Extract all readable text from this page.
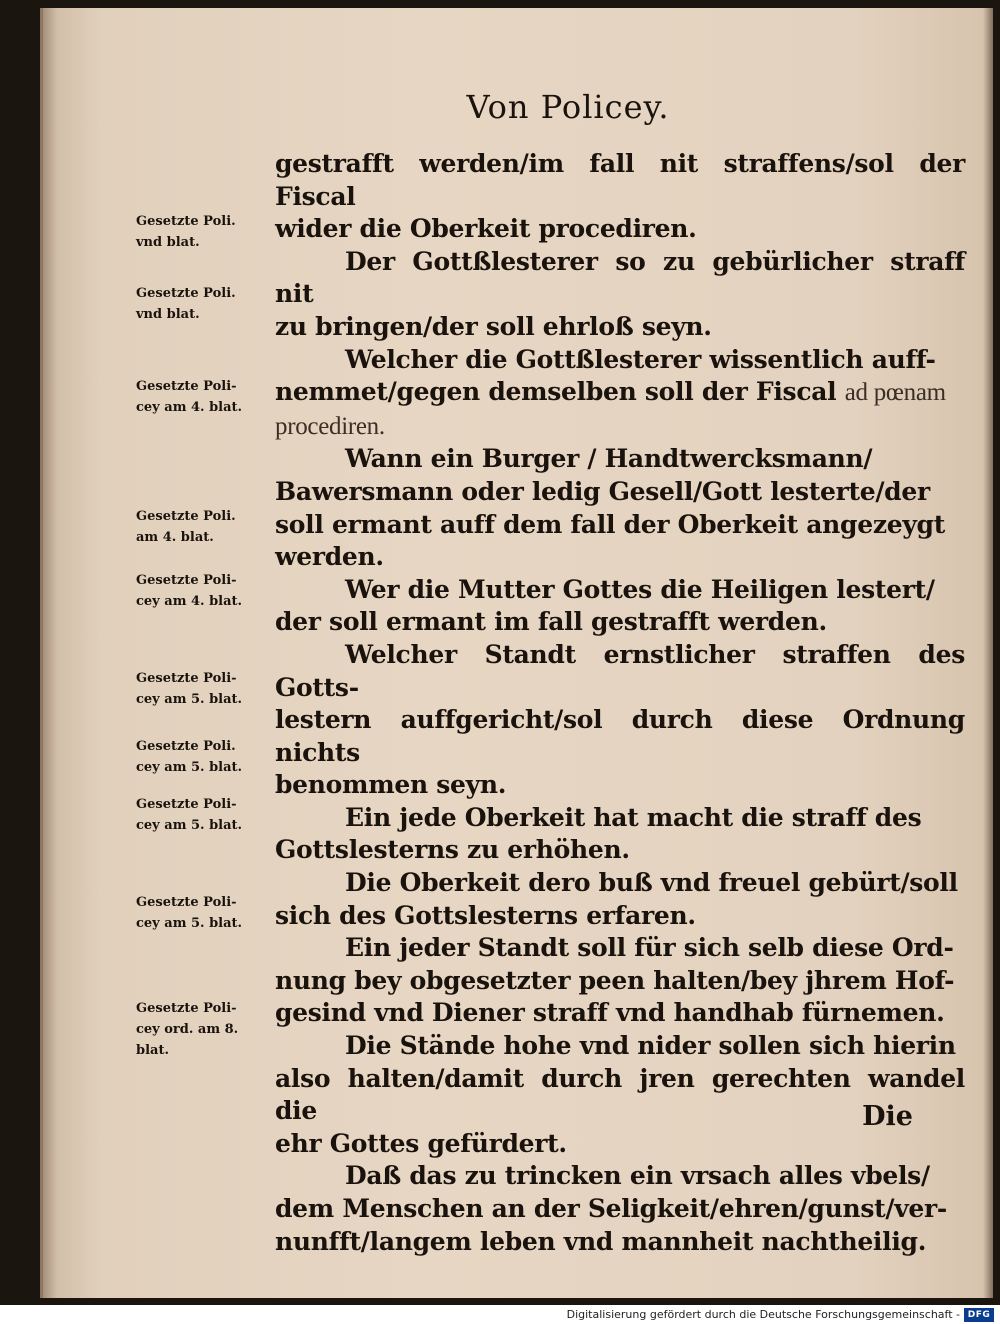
Von Policey.

gestrafft werden/im fall nit straffens/sol der Fiscal
wider die Oberkeit procediren.

Der Gottßlesterer so zu gebürlicher straff nit
zu bringen/der soll ehrloß seyn.

Welcher die Gottßlesterer wissentlich auff-
nemmet/gegen demselben soll der Fiscal ad pœnam
procediren.

Wann ein Burger / Handtwercksmann/
Bawersmann oder ledig Gesell/Gott lesterte/der
soll ermant auff dem fall der Oberkeit angezeygt
werden.

Wer die Mutter Gottes die Heiligen lestert/
der soll ermant im fall gestrafft werden.

Welcher Standt ernstlicher straffen des Gotts-
lestern auffgericht/sol durch diese Ordnung nichts
benommen seyn.

Ein jede Oberkeit hat macht die straff des
Gottslesterns zu erhöhen.

Die Oberkeit dero buß vnd freuel gebürt/soll
sich des Gottslesterns erfaren.

Ein jeder Standt soll für sich selb diese Ord-
nung bey obgesetzter peen halten/bey jhrem Hof-
gesind vnd Diener straff vnd handhab fürnemen.

Die Stände hohe vnd nider sollen sich hierin
also halten/damit durch jren gerechten wandel die
ehr Gottes gefürdert.

Daß das zu trincken ein vrsach alles vbels/
dem Menschen an der Seligkeit/ehren/gunst/ver-
nunfft/langem leben vnd mannheit nachtheilig.

Gesetzte Poli.
vnd blat.
Gesetzte Poli.
vnd blat.
Gesetzte Poli-
cey am 4. blat.
Gesetzte Poli.
am 4. blat.
Gesetzte Poli-
cey am 4. blat.
Gesetzte Poli-
cey am 5. blat.
Gesetzte Poli.
cey am 5. blat.
Gesetzte Poli-
cey am 5. blat.
Gesetzte Poli-
cey am 5. blat.
Gesetzte Poli-
cey ord. am 8.
blat.
Die
Digitalisierung gefördert durch die Deutsche Forschungsgemeinschaft - DFG
